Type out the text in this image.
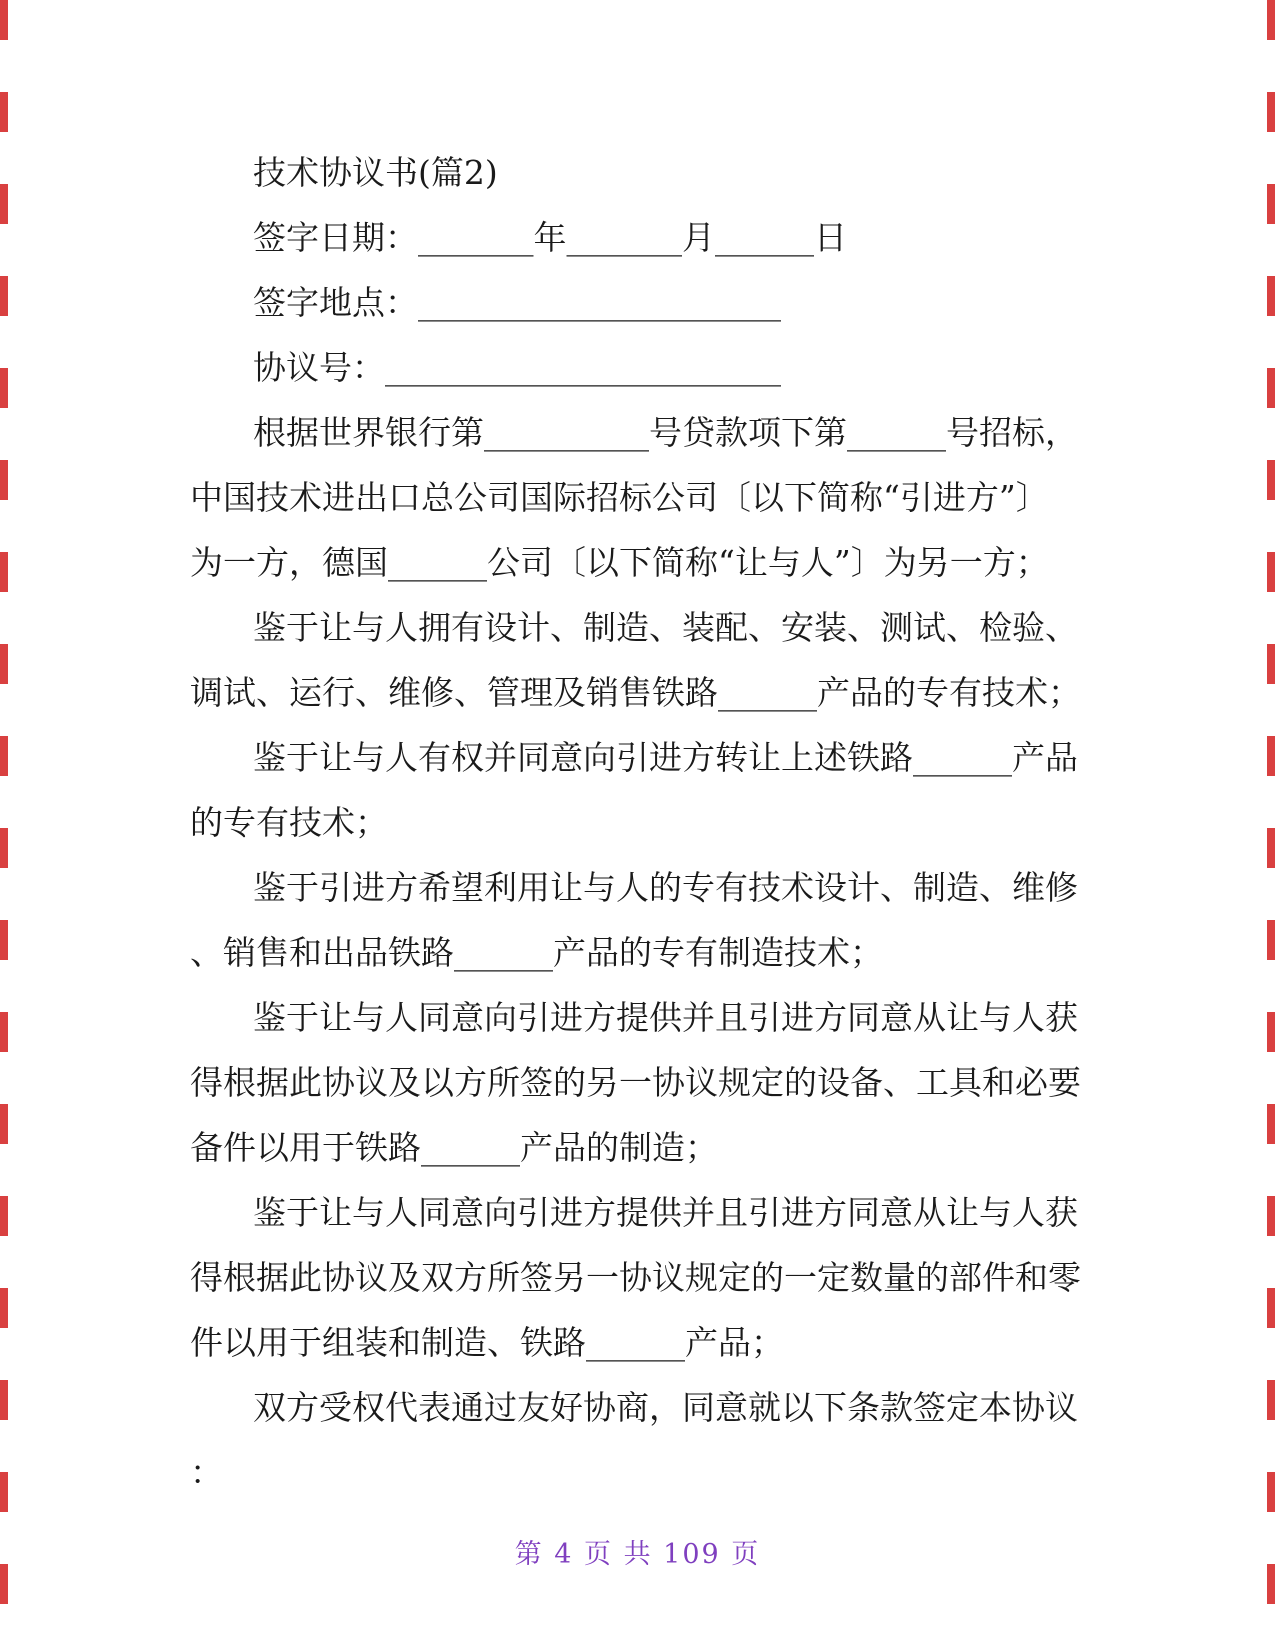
技术协议书(篇2)
签字日期：_______年_______月______日
签字地点：______________________
协议号：________________________
根据世界银行第__________号贷款项下第______号招标，
中国技术进出口总公司国际招标公司〔以下简称“引进方”〕
为一方，德国______公司〔以下简称“让与人”〕为另一方；
鉴于让与人拥有设计、制造、装配、安装、测试、检验、
调试、运行、维修、管理及销售铁路______产品的专有技术；
鉴于让与人有权并同意向引进方转让上述铁路______产品
的专有技术；
鉴于引进方希望利用让与人的专有技术设计、制造、维修
、销售和出品铁路______产品的专有制造技术；
鉴于让与人同意向引进方提供并且引进方同意从让与人获
得根据此协议及以方所签的另一协议规定的设备、工具和必要
备件以用于铁路______产品的制造；
鉴于让与人同意向引进方提供并且引进方同意从让与人获
得根据此协议及双方所签另一协议规定的一定数量的部件和零
件以用于组装和制造、铁路______产品；
双方受权代表通过友好协商，同意就以下条款签定本协议
：
第 4 页 共 109 页
